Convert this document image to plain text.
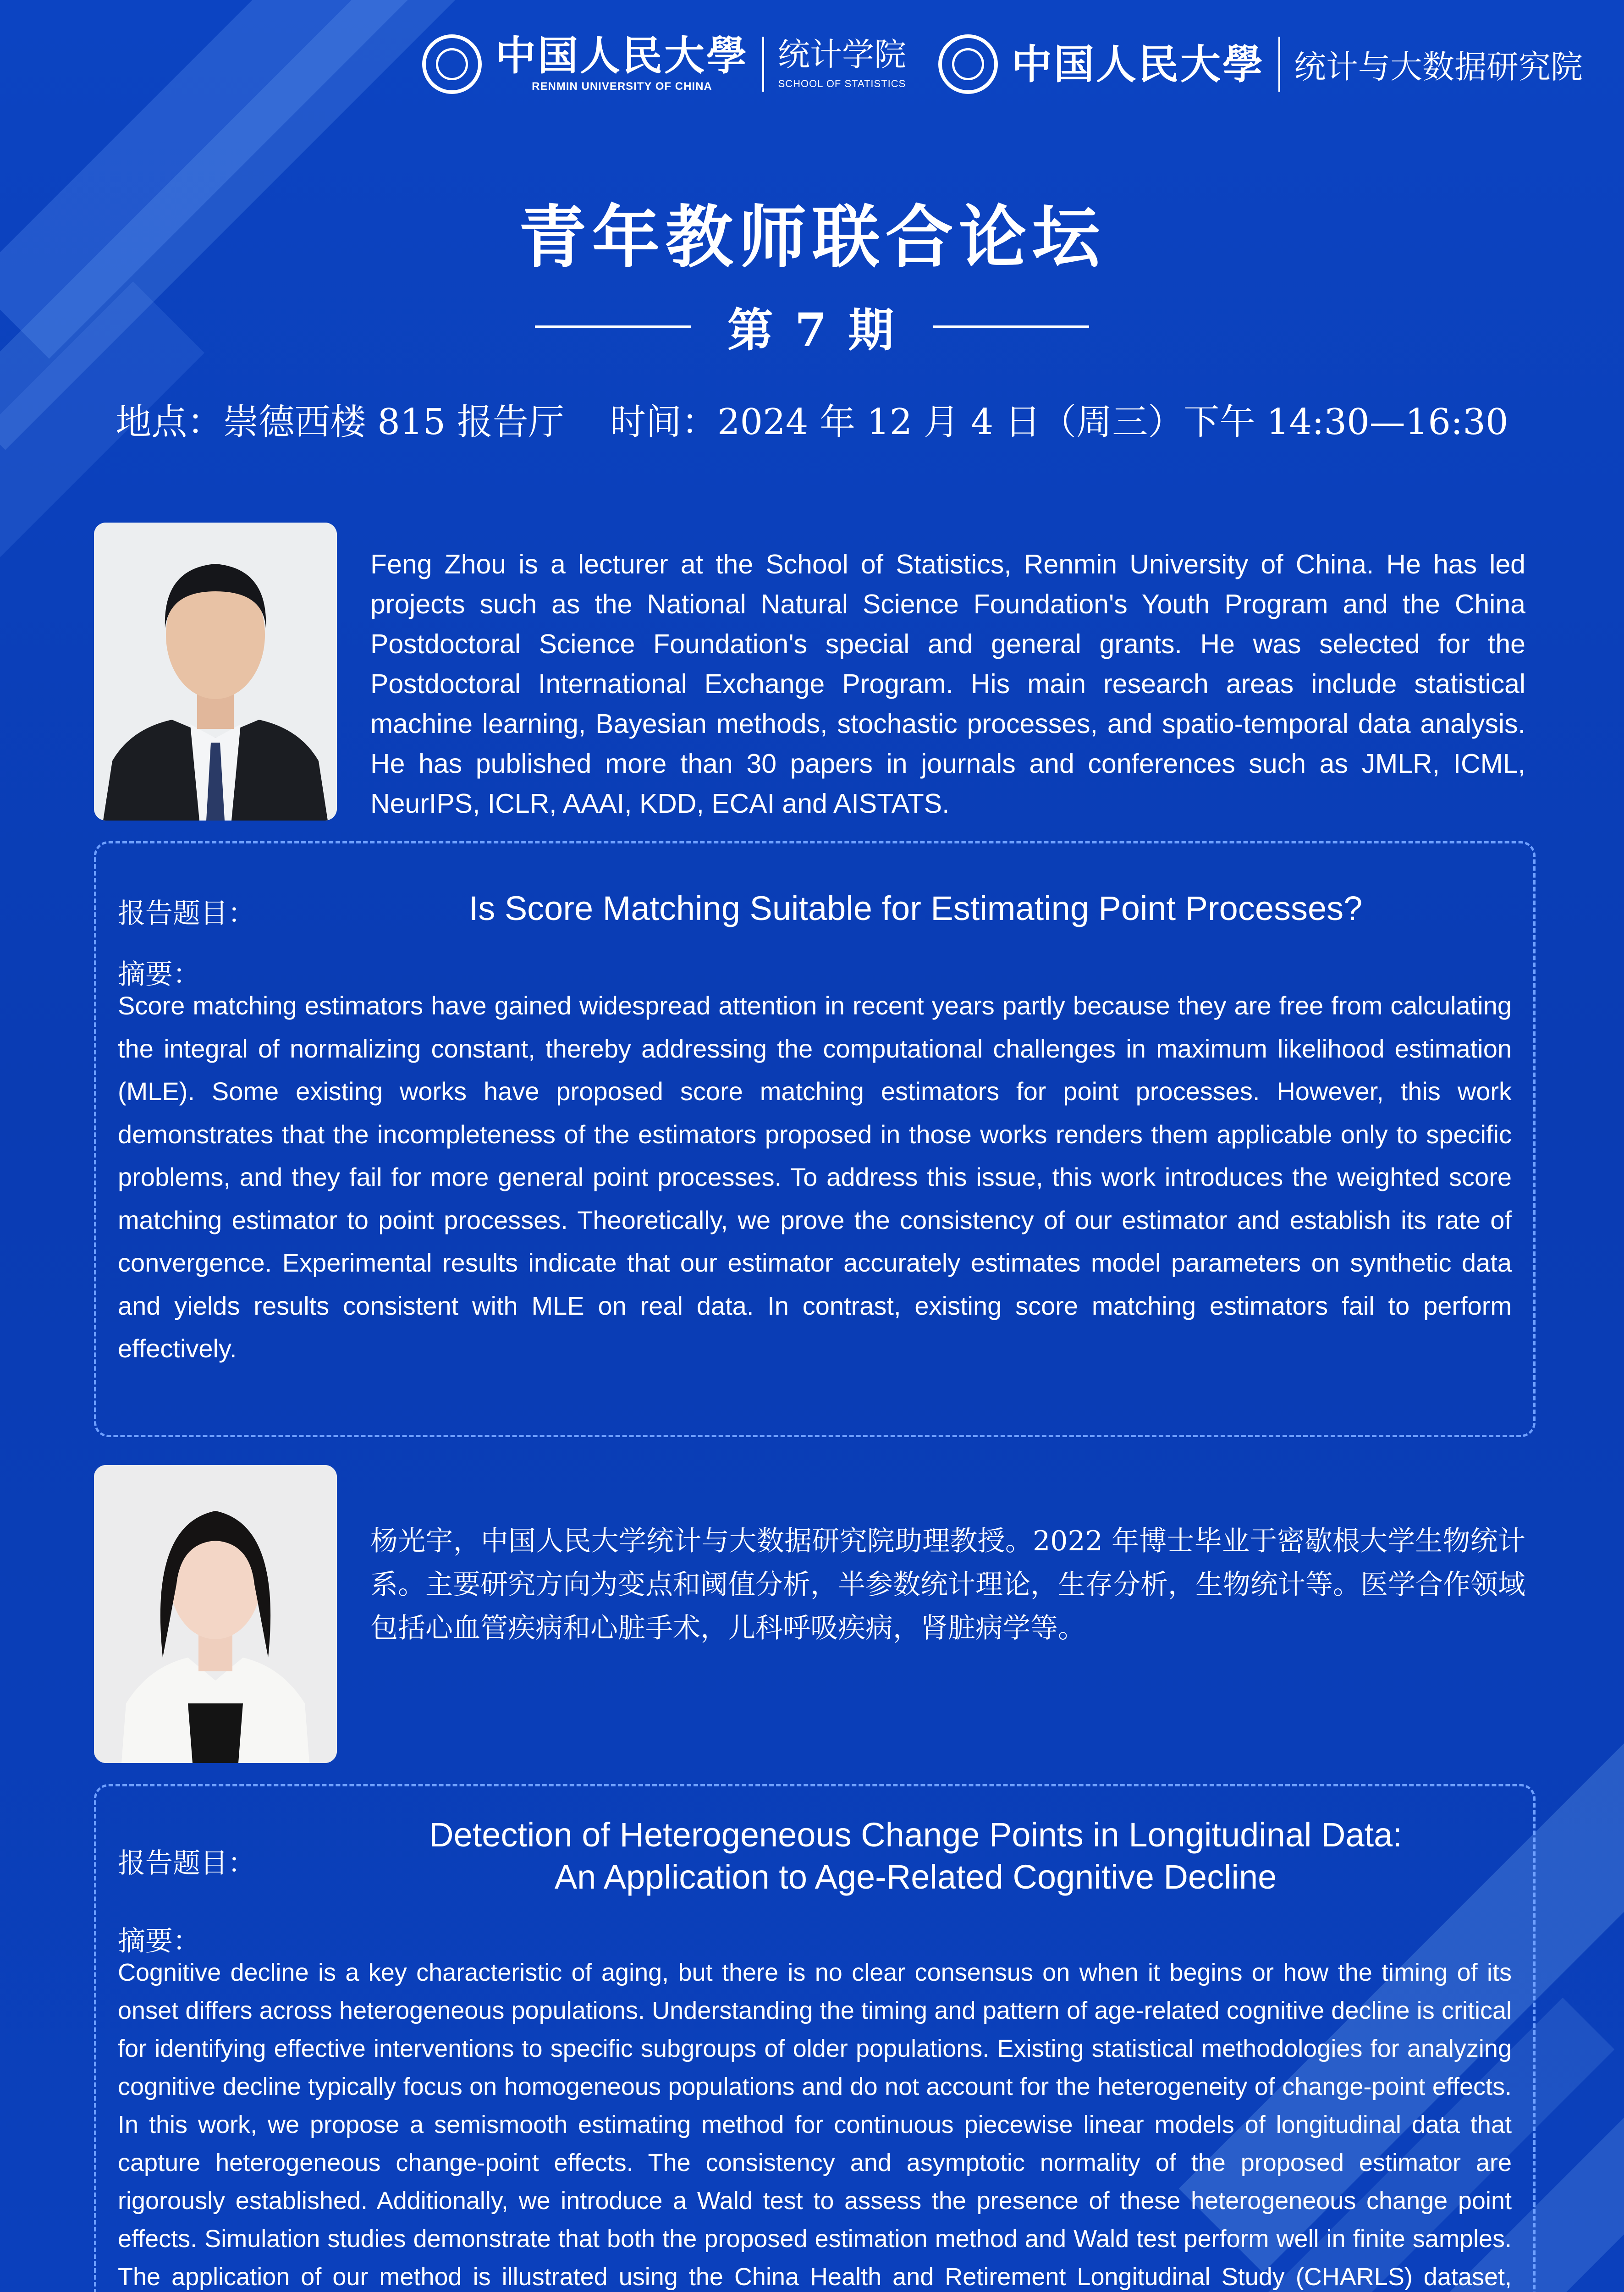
中国人民大學
RENMIN UNIVERSITY OF CHINA
统计学院
SCHOOL OF STATISTICS	中国人民大學 统计与大数据研究院
青年教师联合论坛
第 7 期
地点：崇德西楼 815 报告厅 时间：2024 年 12 月 4 日（周三）下午 14:30—16:30
Feng Zhou is a lecturer at the School of Statistics, Renmin University of China. He has led projects such as the National Natural Science Foundation's Youth Program and the China Postdoctoral Science Foundation's special and general grants. He was selected for the Postdoctoral International Exchange Program. His main research areas include statistical machine learning, Bayesian methods, stochastic processes, and spatio-temporal data analysis. He has published more than 30 papers in journals and conferences such as JMLR, ICML, NeurIPS, ICLR, AAAI, KDD, ECAI and AISTATS.
报告题目：	Is Score Matching Suitable for Estimating Point Processes?
摘要：
Score matching estimators have gained widespread attention in recent years partly because they are free from calculating the integral of normalizing constant, thereby addressing the computational challenges in maximum likelihood estimation (MLE). Some existing works have proposed score matching estimators for point processes. However, this work demonstrates that the incompleteness of the estimators proposed in those works renders them applicable only to specific problems, and they fail for more general point processes. To address this issue, this work introduces the weighted score matching estimator to point processes. Theoretically, we prove the consistency of our estimator and establish its rate of convergence. Experimental results indicate that our estimator accurately estimates model parameters on synthetic data and yields results consistent with MLE on real data. In contrast, existing score matching estimators fail to perform effectively.
杨光宇，中国人民大学统计与大数据研究院助理教授。2022 年博士毕业于密歇根大学生物统计系。主要研究方向为变点和阈值分析，半参数统计理论，生存分析，生物统计等。医学合作领域包括心血管疾病和心脏手术，儿科呼吸疾病，肾脏病学等。
报告题目：
Detection of Heterogeneous Change Points in Longitudinal Data:
An Application to Age-Related Cognitive Decline
摘要：
Cognitive decline is a key characteristic of aging, but there is no clear consensus on when it begins or how the timing of its onset differs across heterogeneous populations. Understanding the timing and pattern of age-related cognitive decline is critical for identifying effective interventions to specific subgroups of older populations. Existing statistical methodologies for analyzing cognitive decline typically focus on homogeneous populations and do not account for the heterogeneity of change-point effects. In this work, we propose a semismooth estimating method for continuous piecewise linear models of longitudinal data that capture heterogeneous change-point effects. The consistency and asymptotic normality of the proposed estimator are rigorously established. Additionally, we introduce a Wald test to assess the presence of these heterogeneous change point effects. Simulation studies demonstrate that both the proposed estimation method and Wald test perform well in finite samples. The application of our method is illustrated using the China Health and Retirement Longitudinal Study (CHARLS) dataset,
